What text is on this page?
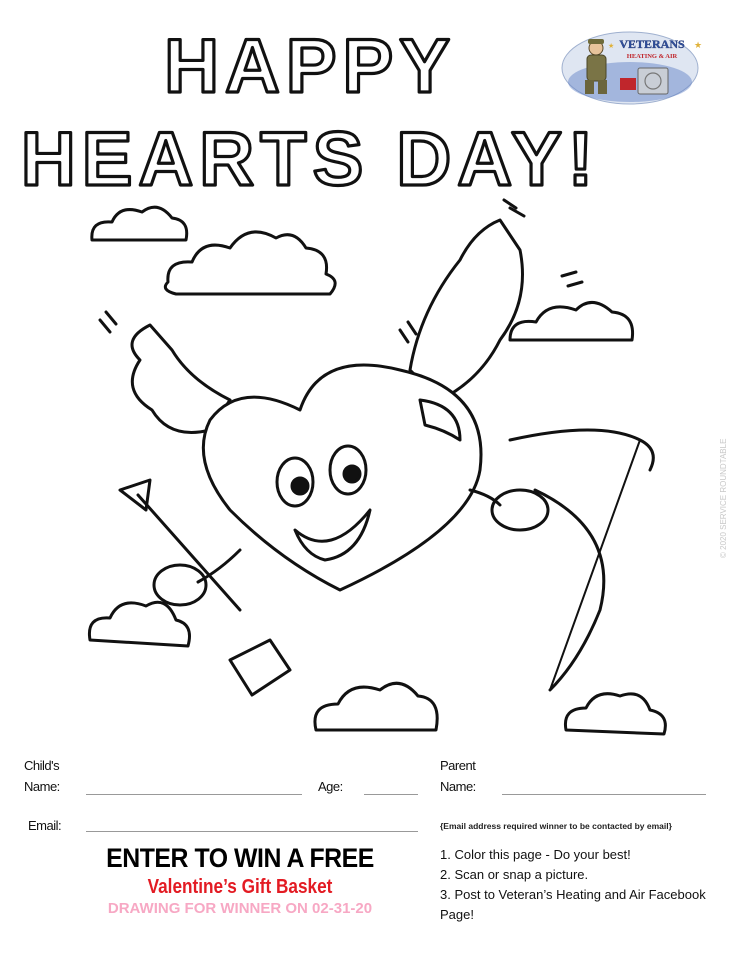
HAPPY
HEARTS DAY!
VETERANS
HEATING & AIR
★
★
© 2020 SERVICE ROUNDTABLE
Child's
Name:	Age:
Parent
Name:
Email:	{Email address required winner to be contacted by email}
ENTER TO WIN A FREE
Valentine’s Gift Basket
DRAWING FOR WINNER ON 02-31-20
1. Color this page - Do your best!
2. Scan or snap a picture.
3. Post to Veteran’s Heating and Air Facebook Page!
